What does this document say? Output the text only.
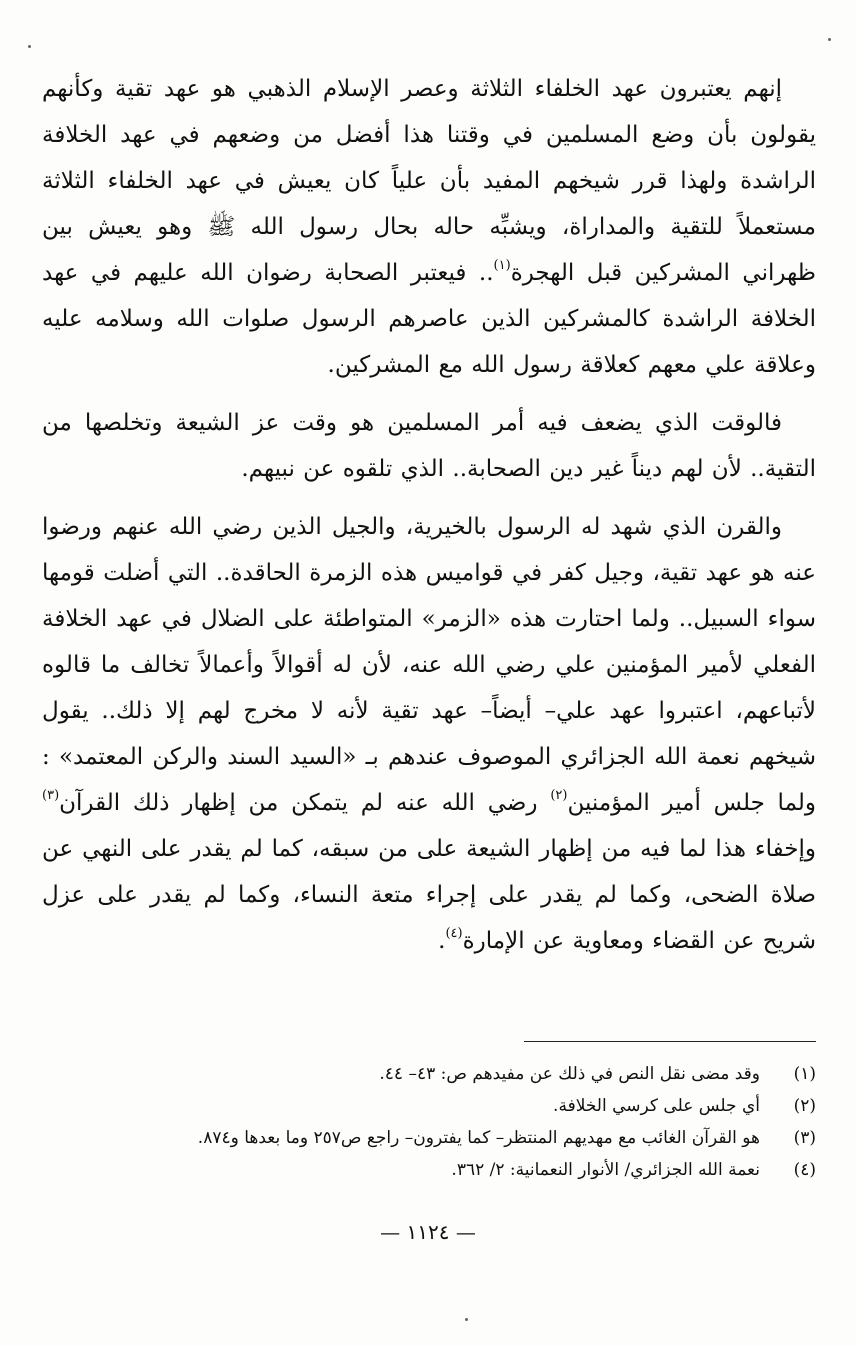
إنهم يعتبرون عهد الخلفاء الثلاثة وعصر الإسلام الذهبي هو عهد تقية وكأنهم يقولون بأن وضع المسلمين في وقتنا هذا أفضل من وضعهم في عهد الخلافة الراشدة ولهذا قرر شيخهم المفيد بأن علياً كان يعيش في عهد الخلفاء الثلاثة مستعملاً للتقية والمداراة، ويشبِّه حاله بحال رسول الله ﷺ وهو يعيش بين ظهراني المشركين قبل الهجرة$^{(١)}$.. فيعتبر الصحابة رضوان الله عليهم في عهد الخلافة الراشدة كالمشركين الذين عاصرهم الرسول صلوات الله وسلامه عليه وعلاقة علي معهم كعلاقة رسول الله مع المشركين.

فالوقت الذي يضعف فيه أمر المسلمين هو وقت عز الشيعة وتخلصها من التقية.. لأن لهم ديناً غير دين الصحابة.. الذي تلقوه عن نبيهم.

والقرن الذي شهد له الرسول بالخيرية، والجيل الذين رضي الله عنهم ورضوا عنه هو عهد تقية، وجيل كفر في قواميس هذه الزمرة الحاقدة.. التي أضلت قومها سواء السبيل.. ولما احتارت هذه «الزمر» المتواطئة على الضلال في عهد الخلافة الفعلي لأمير المؤمنين علي رضي الله عنه، لأن له أقوالاً وأعمالاً تخالف ما قالوه لأتباعهم، اعتبروا عهد علي– أيضاً– عهد تقية لأنه لا مخرج لهم إلا ذلك.. يقول شيخهم نعمة الله الجزائري الموصوف عندهم بـ «السيد السند والركن المعتمد» : ولما جلس أمير المؤمنين$^{(٢)}$ رضي الله عنه لم يتمكن من إظهار ذلك القرآن$^{(٣)}$ وإخفاء هذا لما فيه من إظهار الشيعة على من سبقه، كما لم يقدر على النهي عن صلاة الضحى، وكما لم يقدر على إجراء متعة النساء، وكما لم يقدر على عزل شريح عن القضاء ومعاوية عن الإمارة$^{(٤)}$.

(١)
وقد مضى نقل النص في ذلك عن مفيدهم ص: ٤٣– ٤٤.
(٢)
أي جلس على كرسي الخلافة.
(٣)
هو القرآن الغائب مع مهديهم المنتظر– كما يفترون– راجع ص٢٥٧ وما بعدها و٨٧٤.
(٤)
نعمة الله الجزائري/ الأنوار النعمانية: ٢/ ٣٦٢.
— ١١٢٤ —
